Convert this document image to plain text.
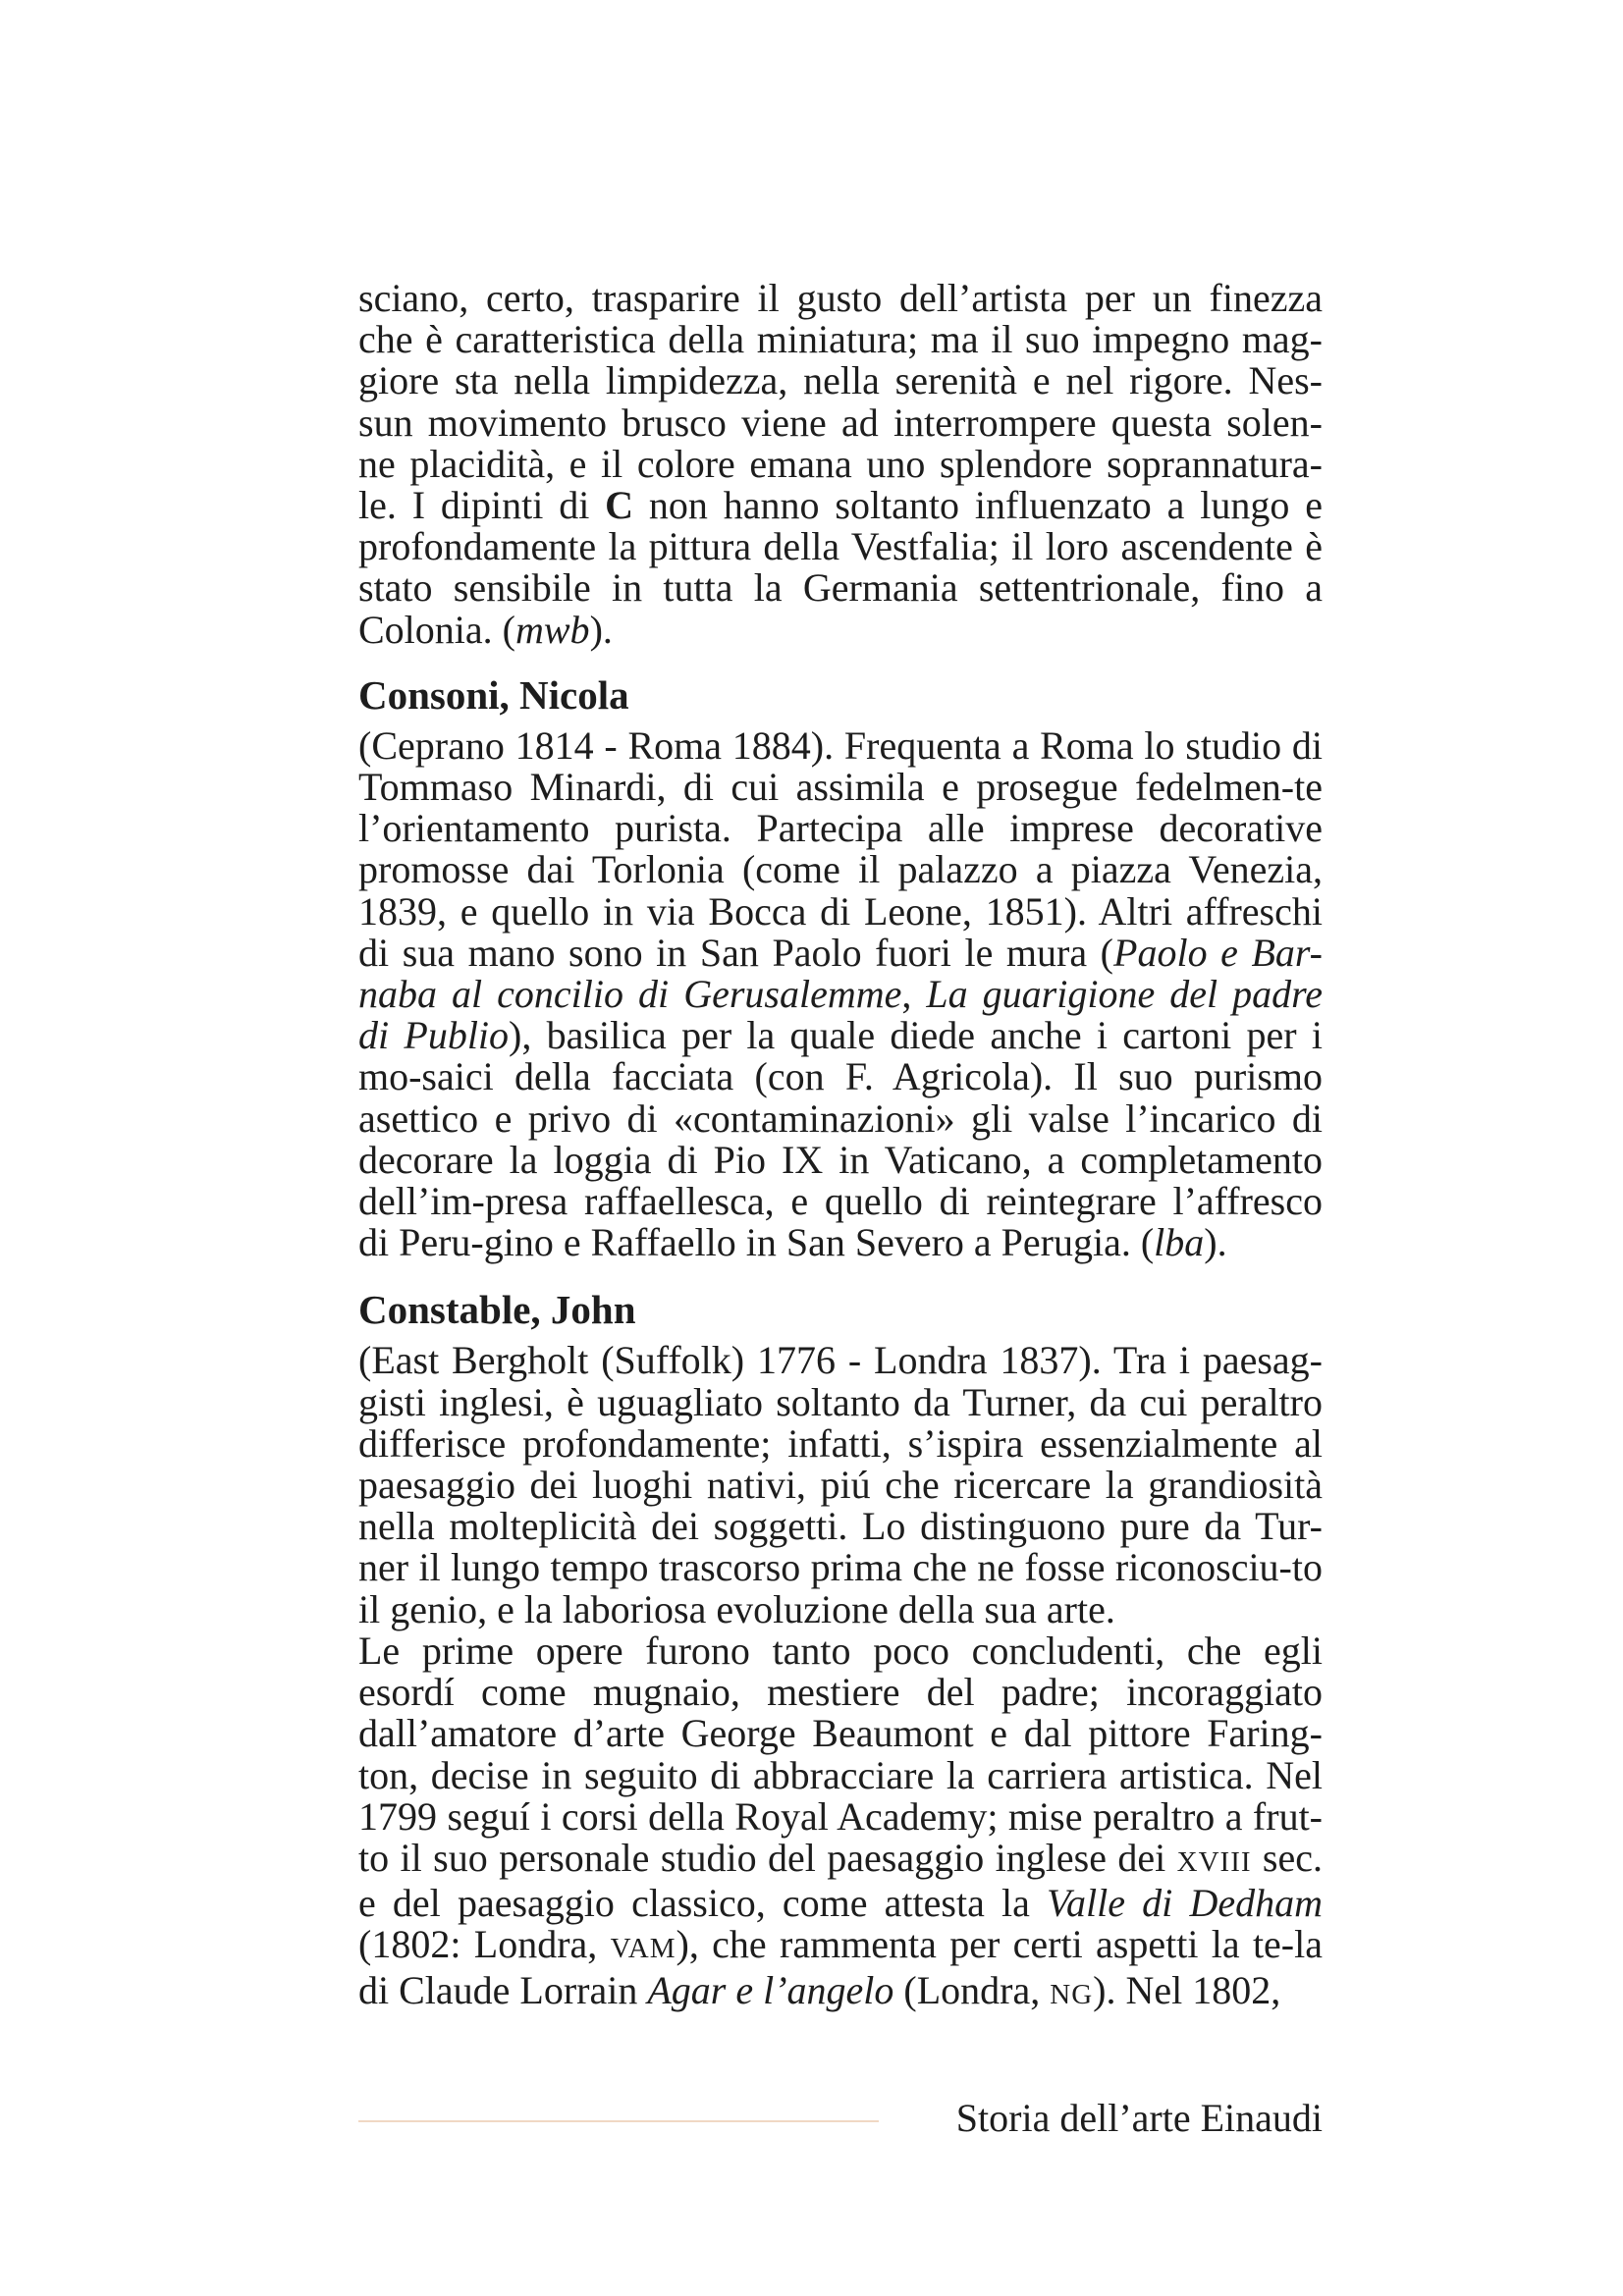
sciano, certo, trasparire il gusto dell’artista per un finezza che è caratteristica della miniatura; ma il suo impegno mag-giore sta nella limpidezza, nella serenità e nel rigore. Nes-sun movimento brusco viene ad interrompere questa solen-ne placidità, e il colore emana uno splendore soprannatura-le. I dipinti di C non hanno soltanto influenzato a lungo e profondamente la pittura della Vestfalia; il loro ascendente è stato sensibile in tutta la Germania settentrionale, fino a Colonia. (mwb).

Consoni, Nicola

(Ceprano 1814 - Roma 1884). Frequenta a Roma lo studio di Tommaso Minardi, di cui assimila e prosegue fedelmen-te l’orientamento purista. Partecipa alle imprese decorative promosse dai Torlonia (come il palazzo a piazza Venezia, 1839, e quello in via Bocca di Leone, 1851). Altri affreschi di sua mano sono in San Paolo fuori le mura (Paolo e Bar-naba al concilio di Gerusalemme, La guarigione del padre di Publio), basilica per la quale diede anche i cartoni per i mo-saici della facciata (con F. Agricola). Il suo purismo asettico e privo di «contaminazioni» gli valse l’incarico di decorare la loggia di Pio IX in Vaticano, a completamento dell’im-presa raffaellesca, e quello di reintegrare l’affresco di Peru-gino e Raffaello in San Severo a Perugia. (lba).

Constable, John

(East Bergholt (Suffolk) 1776 - Londra 1837). Tra i paesag-gisti inglesi, è uguagliato soltanto da Turner, da cui peraltro differisce profondamente; infatti, s’ispira essenzialmente al paesaggio dei luoghi nativi, piú che ricercare la grandiosità nella molteplicità dei soggetti. Lo distinguono pure da Tur-ner il lungo tempo trascorso prima che ne fosse riconosciu-to il genio, e la laboriosa evoluzione della sua arte.

Le prime opere furono tanto poco concludenti, che egli esordí come mugnaio, mestiere del padre; incoraggiato dall’amatore d’arte George Beaumont e dal pittore Faring-ton, decise in seguito di abbracciare la carriera artistica. Nel 1799 seguí i corsi della Royal Academy; mise peraltro a frut-to il suo personale studio del paesaggio inglese dei XVIII sec. e del paesaggio classico, come attesta la Valle di Dedham (1802: Londra, VAM), che rammenta per certi aspetti la te-la di Claude Lorrain Agar e l’angelo (Londra, NG). Nel 1802,

Storia dell’arte Einaudi
